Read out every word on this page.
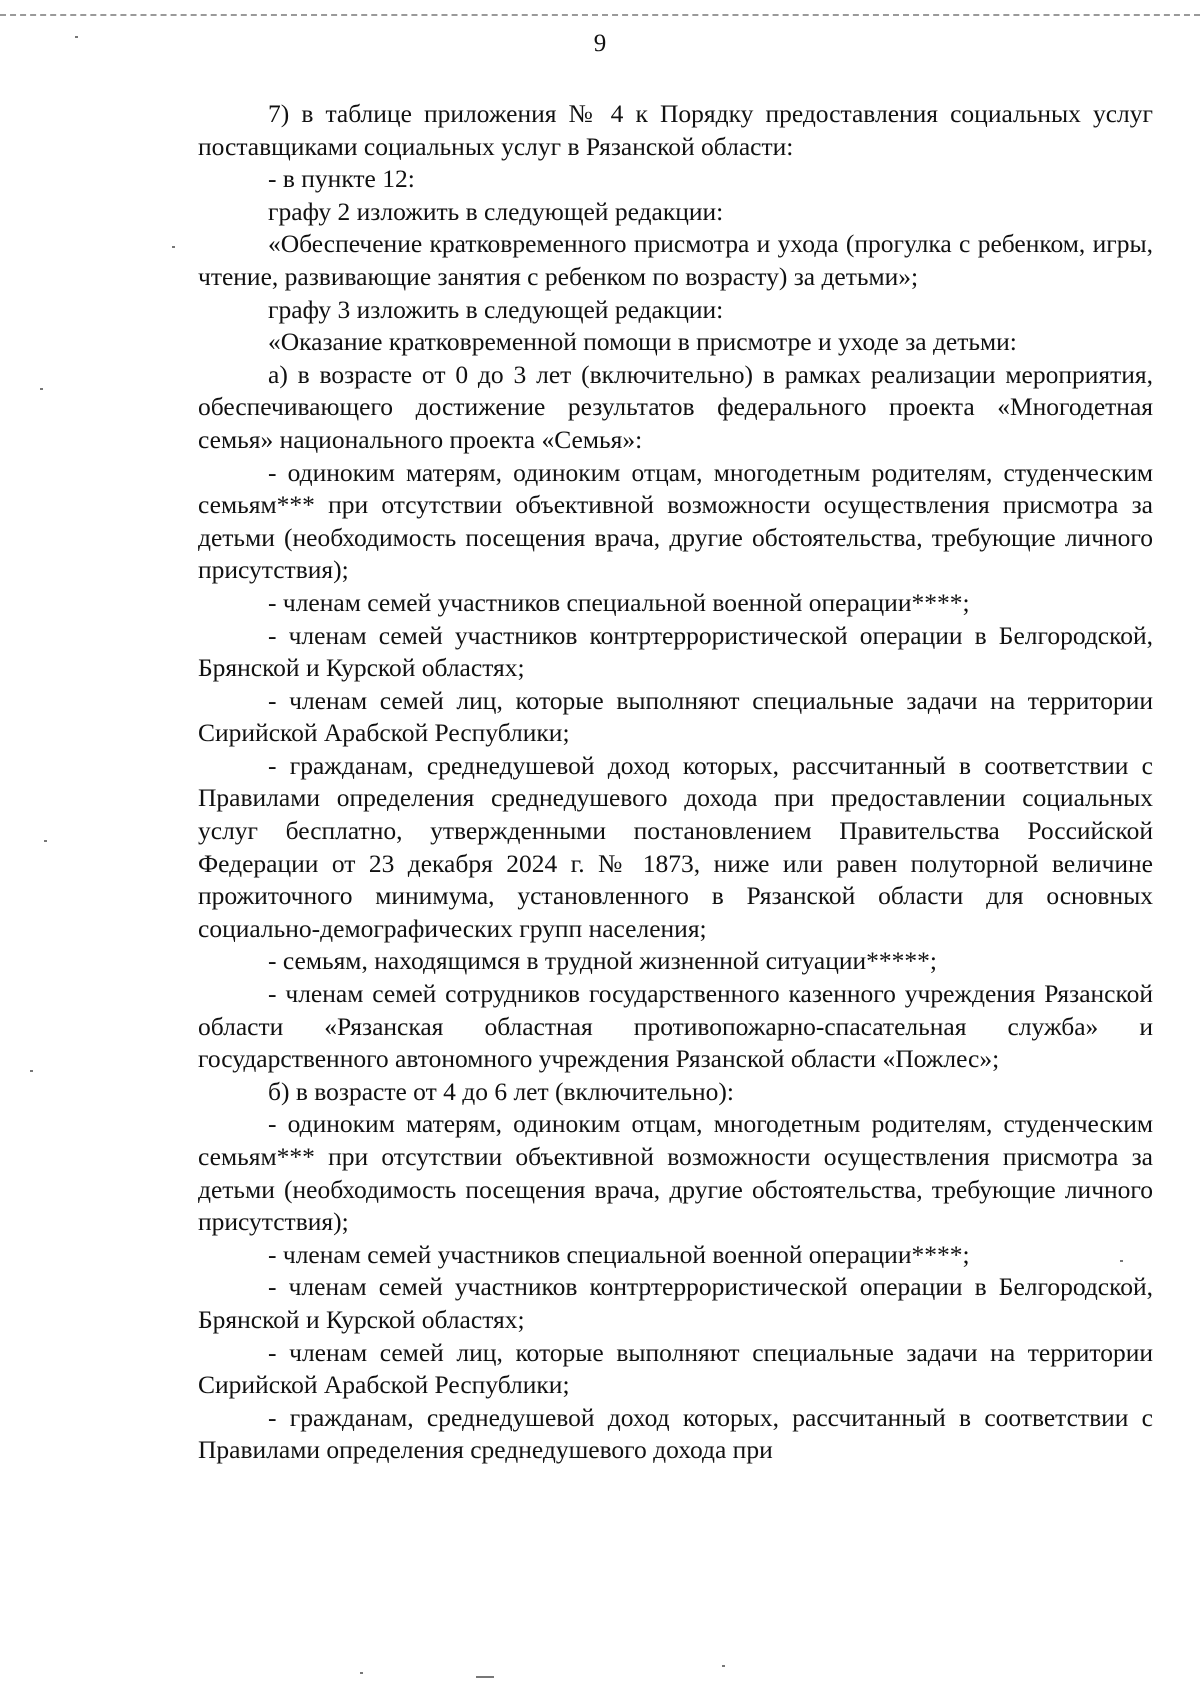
9

7) в таблице приложения № 4 к Порядку предоставления социальных услуг поставщиками социальных услуг в Рязанской области:

- в пункте 12:

графу 2 изложить в следующей редакции:

«Обеспечение кратковременного присмотра и ухода (прогулка с ребенком, игры, чтение, развивающие занятия с ребенком по возрасту) за детьми»;

графу 3 изложить в следующей редакции:

«Оказание кратковременной помощи в присмотре и уходе за детьми:

а) в возрасте от 0 до 3 лет (включительно) в рамках реализации мероприятия, обеспечивающего достижение результатов федерального проекта «Многодетная семья» национального проекта «Семья»:

- одиноким матерям, одиноким отцам, многодетным родителям, студенческим семьям*** при отсутствии объективной возможности осуществления присмотра за детьми (необходимость посещения врача, другие обстоятельства, требующие личного присутствия);

- членам семей участников специальной военной операции****;

- членам семей участников контртеррористической операции в Белгородской, Брянской и Курской областях;

- членам семей лиц, которые выполняют специальные задачи на территории Сирийской Арабской Республики;

- гражданам, среднедушевой доход которых, рассчитанный в соответствии с Правилами определения среднедушевого дохода при предоставлении социальных услуг бесплатно, утвержденными постановлением Правительства Российской Федерации от 23 декабря 2024 г. № 1873, ниже или равен полуторной величине прожиточного минимума, установленного в Рязанской области для основных социально-демографических групп населения;

- семьям, находящимся в трудной жизненной ситуации*****;

- членам семей сотрудников государственного казенного учреждения Рязанской области «Рязанская областная противопожарно-спасательная служба» и государственного автономного учреждения Рязанской области «Пожлес»;

б) в возрасте от 4 до 6 лет (включительно):

- одиноким матерям, одиноким отцам, многодетным родителям, студенческим семьям*** при отсутствии объективной возможности осуществления присмотра за детьми (необходимость посещения врача, другие обстоятельства, требующие личного присутствия);

- членам семей участников специальной военной операции****;

- членам семей участников контртеррористической операции в Белгородской, Брянской и Курской областях;

- членам семей лиц, которые выполняют специальные задачи на территории Сирийской Арабской Республики;

- гражданам, среднедушевой доход которых, рассчитанный в соответствии с Правилами определения среднедушевого дохода при
